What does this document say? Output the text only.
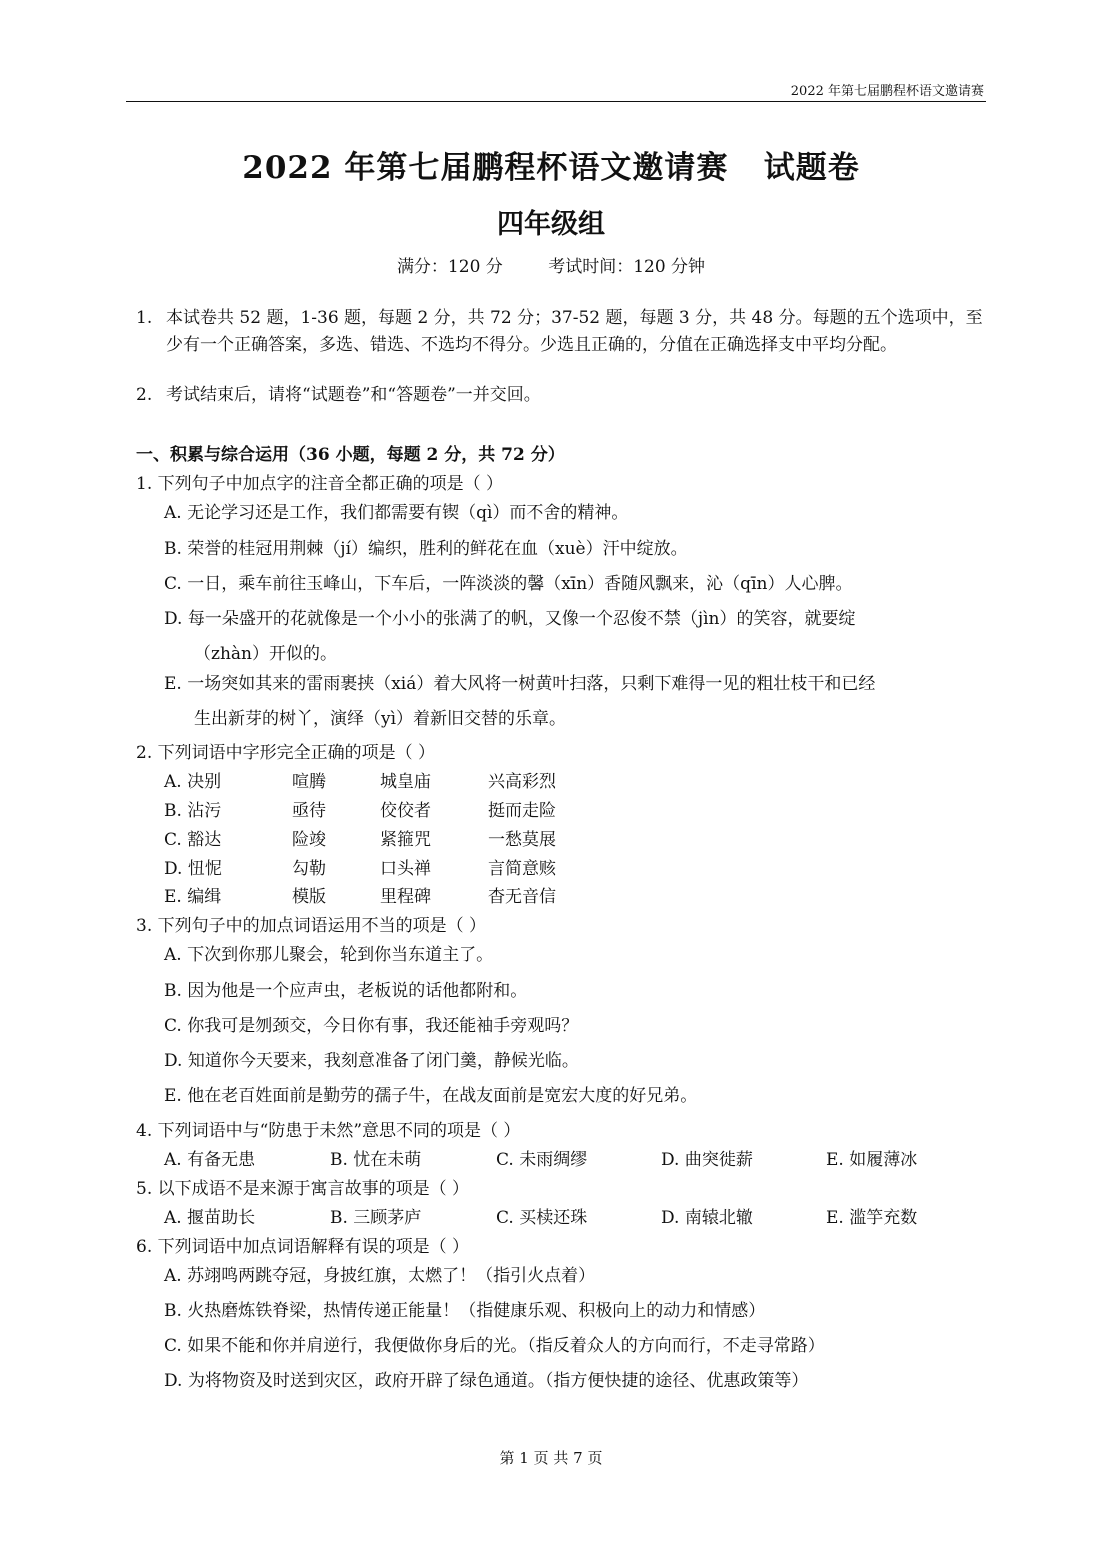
2022 年第七届鹏程杯语文邀请赛
2022 年第七届鹏程杯语文邀请赛   试题卷
四年级组
满分：120 分	考试时间：120 分钟
1. 本试卷共 52 题，1-36 题，每题 2 分，共 72 分；37-52 题，每题 3 分，共 48 分。每题的五个选项中，至少有一个正确答案，多选、错选、不选均不得分。少选且正确的，分值在正确选择支中平均分配。
2. 考试结束后，请将“试题卷”和“答题卷”一并交回。
一、积累与综合运用（36 小题，每题 2 分，共 72 分）
1. 下列句子中加点字的注音全都正确的项是（ ）
A. 无论学习还是工作，我们都需要有锲（qì）而不舍的精神。
B. 荣誉的桂冠用荆棘（jí）编织，胜利的鲜花在血（xuè）汗中绽放。
C. 一日，乘车前往玉峰山，下车后，一阵淡淡的馨（xīn）香随风飘来，沁（qīn）人心脾。
D. 每一朵盛开的花就像是一个小小的张满了的帆，又像一个忍俊不禁（jìn）的笑容，就要绽
（zhàn）开似的。
E. 一场突如其来的雷雨裹挟（xiá）着大风将一树黄叶扫落，只剩下难得一见的粗壮枝干和已经
生出新芽的树丫，演绎（yì）着新旧交替的乐章。
2. 下列词语中字形完全正确的项是（ ）
A. 决别	喧腾	城皇庙	兴高彩烈
B. 沾污	亟待	佼佼者	挺而走险
C. 豁达	险竣	紧箍咒	一愁莫展
D. 忸怩	勾勒	口头禅	言简意赅
E. 编缉	模版	里程碑	杳无音信
3. 下列句子中的加点词语运用不当的项是（ ）
A. 下次到你那儿聚会，轮到你当东道主了。
B. 因为他是一个应声虫，老板说的话他都附和。
C. 你我可是刎颈交，今日你有事，我还能袖手旁观吗？
D. 知道你今天要来，我刻意准备了闭门羹，静候光临。
E. 他在老百姓面前是勤劳的孺子牛，在战友面前是宽宏大度的好兄弟。
4. 下列词语中与“防患于未然”意思不同的项是（ ）
A. 有备无患	B. 忧在未萌	C. 未雨绸缪	D. 曲突徙薪	E. 如履薄冰
5. 以下成语不是来源于寓言故事的项是（ ）
A. 揠苗助长	B. 三顾茅庐	C. 买椟还珠	D. 南辕北辙	E. 滥竽充数
6. 下列词语中加点词语解释有误的项是（ ）
A. 苏翊鸣两跳夺冠，身披红旗，太燃了！（指引火点着）
B. 火热磨炼铁脊梁，热情传递正能量！（指健康乐观、积极向上的动力和情感）
C. 如果不能和你并肩逆行，我便做你身后的光。（指反着众人的方向而行，不走寻常路）
D. 为将物资及时送到灾区，政府开辟了绿色通道。（指方便快捷的途径、优惠政策等）
第 1 页 共 7 页
